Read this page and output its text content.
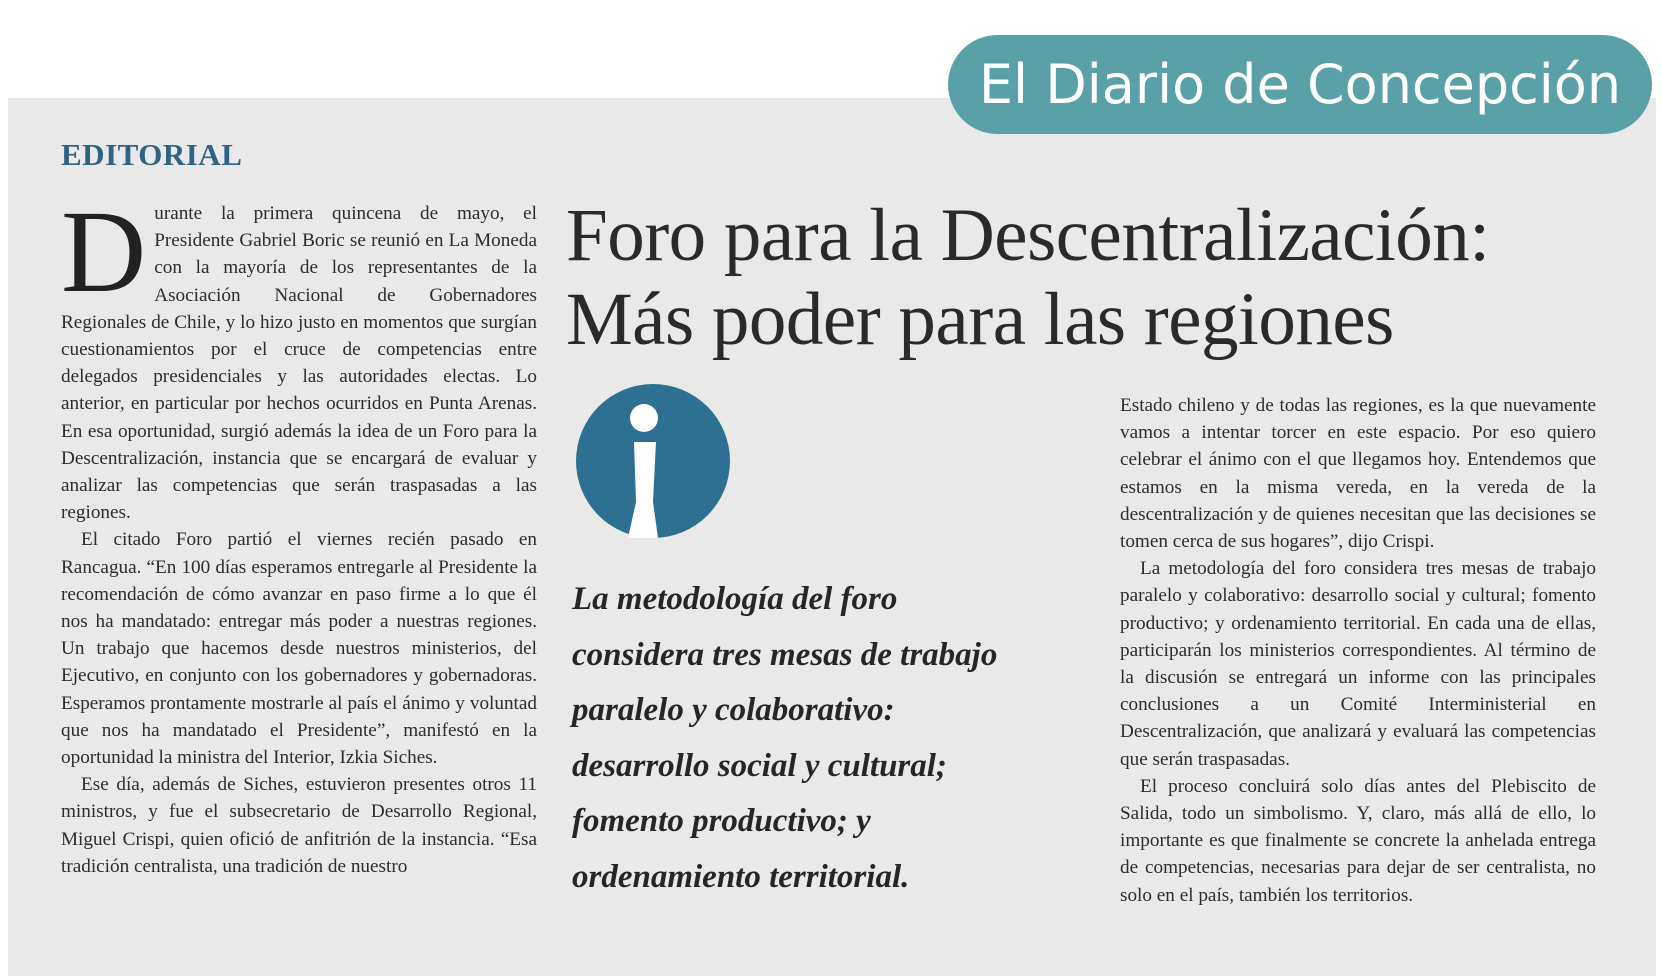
El Diario de Concepción
EDITORIAL

Durante la primera quincena de mayo, el Presidente Gabriel Boric se reunió en La Moneda con la mayoría de los representantes de la Asociación Nacional de Gobernadores Regionales de Chile, y lo hizo justo en momentos que surgían cuestionamientos por el cruce de competencias entre delegados presidenciales y las autoridades electas. Lo anterior, en particular por hechos ocurridos en Punta Arenas. En esa oportunidad, surgió además la idea de un Foro para la Descentralización, instancia que se encargará de evaluar y analizar las competencias que serán traspasadas a las regiones.

El citado Foro partió el viernes recién pasado en Rancagua. “En 100 días esperamos entregarle al Presidente la recomendación de cómo avanzar en paso firme a lo que él nos ha mandatado: entregar más poder a nuestras regiones. Un trabajo que hacemos desde nuestros ministerios, del Ejecutivo, en conjunto con los gobernadores y gobernadoras. Esperamos prontamente mostrarle al país el ánimo y voluntad que nos ha mandatado el Presidente”, manifestó en la oportunidad la ministra del Interior, Izkia Siches.

Ese día, además de Siches, estuvieron presentes otros 11 ministros, y fue el subsecretario de Desarrollo Regional, Miguel Crispi, quien ofició de anfitrión de la instancia. “Esa tradición centralista, una tradición de nuestro

Foro para la Descentralización:
Más poder para las regiones
La metodología del foro
considera tres mesas de trabajo
paralelo y colaborativo:
desarrollo social y cultural;
fomento productivo; y
ordenamiento territorial.

Estado chileno y de todas las regiones, es la que nuevamente vamos a intentar torcer en este espacio. Por eso quiero celebrar el ánimo con el que llegamos hoy. Entendemos que estamos en la misma vereda, en la vereda de la descentralización y de quienes necesitan que las decisiones se tomen cerca de sus hogares”, dijo Crispi.

La metodología del foro considera tres mesas de trabajo paralelo y colaborativo: desarrollo social y cultural; fomento productivo; y ordenamiento territorial. En cada una de ellas, participarán los ministerios correspondientes. Al término de la discusión se entregará un informe con las principales conclusiones a un Comité Interministerial en Descentralización, que analizará y evaluará las competencias que serán traspasadas.

El proceso concluirá solo días antes del Plebiscito de Salida, todo un simbolismo. Y, claro, más allá de ello, lo importante es que finalmente se concrete la anhelada entrega de competencias, necesarias para dejar de ser centralista, no solo en el país, también los territorios.
